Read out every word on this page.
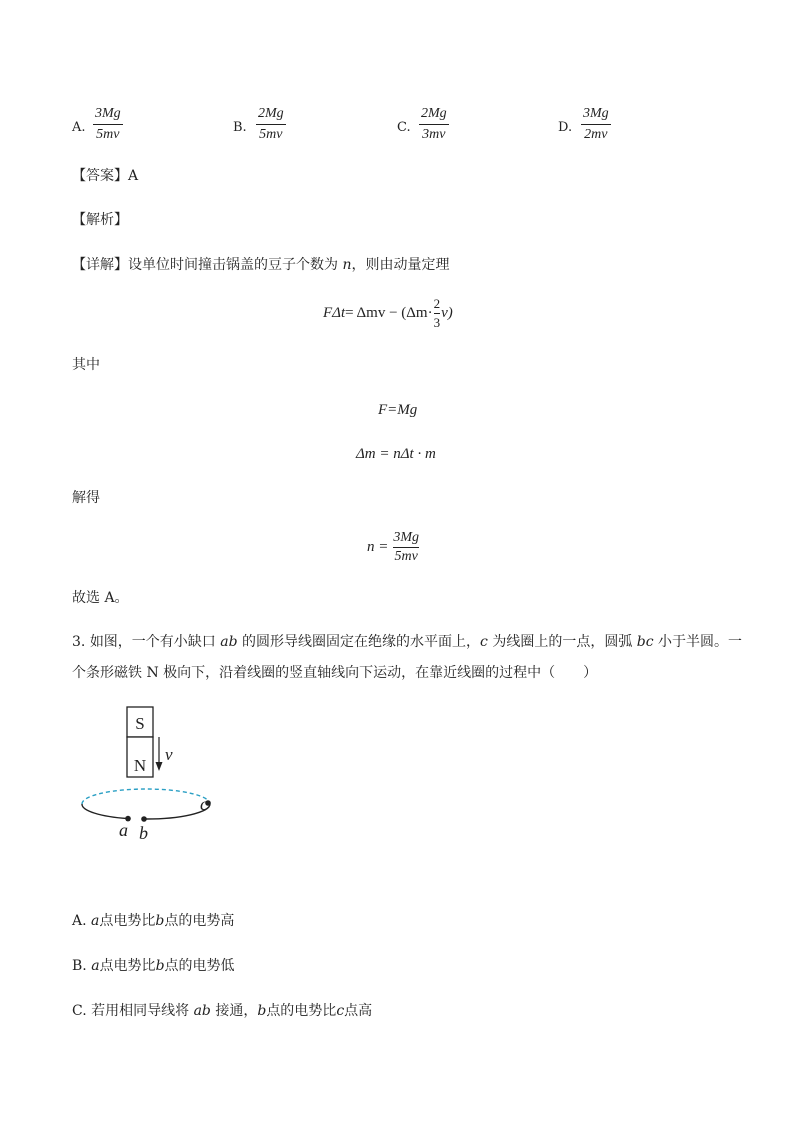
A.
3Mg
5mv	B.
2Mg
5mv	C.
2Mg
3mv	D.
3Mg
2mv
【答案】A
【解析】
【详解】设单位时间撞击锅盖的豆子个数为 n，则由动量定理
$F\Delta t = \Delta mv - (\Delta m\cdot \frac{2}{3} v)$
其中
F=Mg
Δm = nΔt · m
解得
$n = \frac{3Mg}{5mv}$
故选 A。
3. 如图，一个有小缺口 ab 的圆形导线圈固定在绝缘的水平面上，c 为线圈上的一点，圆弧 bc 小于半圆。一
个条形磁铁 N 极向下，沿着线圈的竖直轴线向下运动，在靠近线圈的过程中（　　）
S
N
v
a b
c
A. a点电势比b点的电势高
B. a点电势比b点的电势低
C. 若用相同导线将 ab 接通，b点的电势比c点高
